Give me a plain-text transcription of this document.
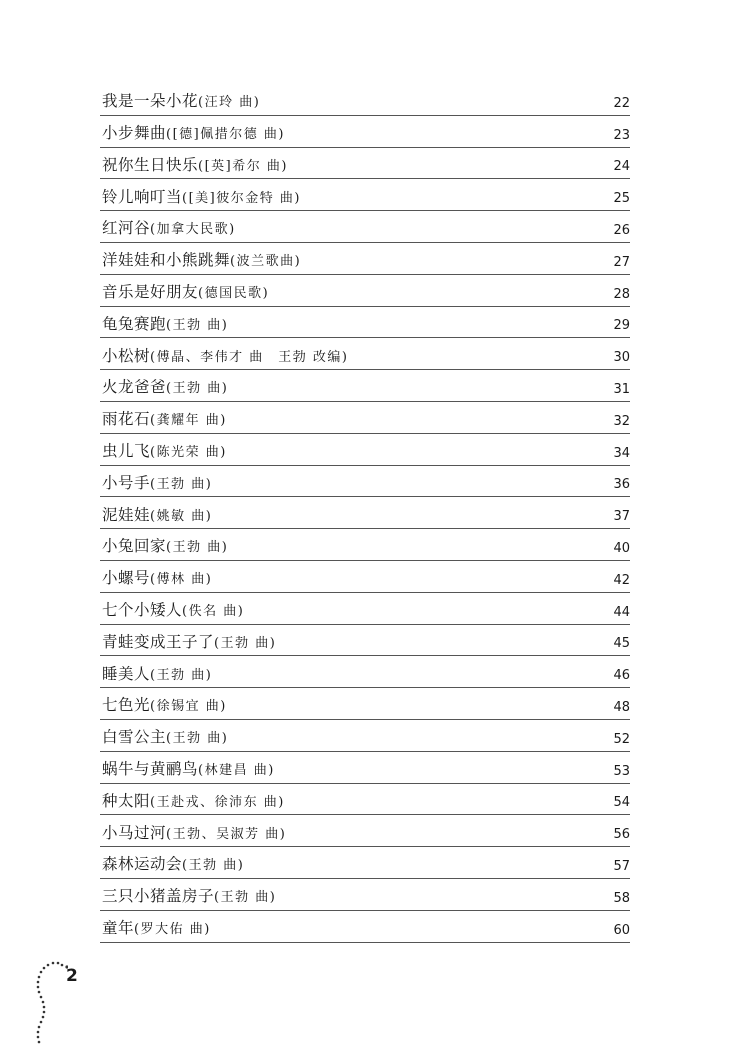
我是一朵小花(汪玲 曲)	22
小步舞曲([德]佩措尔德 曲)	23
祝你生日快乐([英]希尔 曲)	24
铃儿响叮当([美]彼尔金特 曲)	25
红河谷(加拿大民歌)	26
洋娃娃和小熊跳舞(波兰歌曲)	27
音乐是好朋友(德国民歌)	28
龟兔赛跑(王勃 曲)	29
小松树(傅晶、李伟才 曲　王勃 改编)	30
火龙爸爸(王勃 曲)	31
雨花石(龚耀年 曲)	32
虫儿飞(陈光荣 曲)	34
小号手(王勃 曲)	36
泥娃娃(姚敏 曲)	37
小兔回家(王勃 曲)	40
小螺号(傅林 曲)	42
七个小矮人(佚名 曲)	44
青蛙变成王子了(王勃 曲)	45
睡美人(王勃 曲)	46
七色光(徐锡宜 曲)	48
白雪公主(王勃 曲)	52
蜗牛与黄鹂鸟(林建昌 曲)	53
种太阳(王赴戎、徐沛东 曲)	54
小马过河(王勃、吴淑芳 曲)	56
森林运动会(王勃 曲)	57
三只小猪盖房子(王勃 曲)	58
童年(罗大佑 曲)	60
2
